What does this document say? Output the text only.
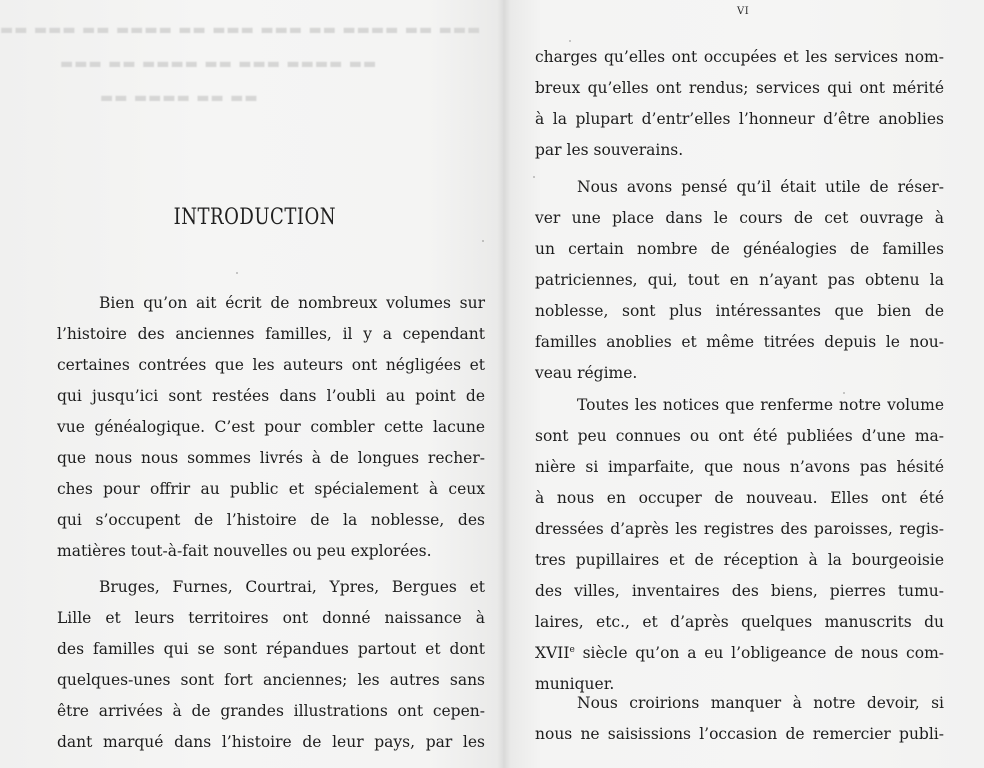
▬▬ ▬▬▬ ▬▬ ▬▬▬▬ ▬▬ ▬▬▬ ▬▬▬ ▬▬ ▬▬▬▬ ▬▬ ▬▬▬
▬▬▬ ▬▬ ▬▬▬▬ ▬▬ ▬▬▬ ▬▬▬▬ ▬▬
▬▬ ▬▬▬▬ ▬▬ ▬▬
INTRODUCTION
Bien qu’on ait écrit de nombreux volumes sur
l’histoire des anciennes familles, il y a cependant
certaines contrées que les auteurs ont négligées et
qui jusqu’ici sont restées dans l’oubli au point de
vue généalogique. C’est pour combler cette lacune
que nous nous sommes livrés à de longues recher-
ches pour offrir au public et spécialement à ceux
qui s’occupent de l’histoire de la noblesse, des
matières tout-à-fait nouvelles ou peu explorées.
Bruges, Furnes, Courtrai, Ypres, Bergues et
Lille et leurs territoires ont donné naissance à
des familles qui se sont répandues partout et dont
quelques-unes sont fort anciennes; les autres sans
être arrivées à de grandes illustrations ont cepen-
dant marqué dans l’histoire de leur pays, par les
VI
charges qu’elles ont occupées et les services nom-
breux qu’elles ont rendus; services qui ont mérité
à la plupart d’entr’elles l’honneur d’être anoblies
par les souverains.
Nous avons pensé qu’il était utile de réser-
ver une place dans le cours de cet ouvrage à
un certain nombre de généalogies de familles
patriciennes, qui, tout en n’ayant pas obtenu la
noblesse, sont plus intéressantes que bien de
familles anoblies et même titrées depuis le nou-
veau régime.
Toutes les notices que renferme notre volume
sont peu connues ou ont été publiées d’une ma-
nière si imparfaite, que nous n’avons pas hésité
à nous en occuper de nouveau. Elles ont été
dressées d’après les registres des paroisses, regis-
tres pupillaires et de réception à la bourgeoisie
des villes, inventaires des biens, pierres tumu-
laires, etc., et d’après quelques manuscrits du
XVIIe siècle qu’on a eu l’obligeance de nous com-
muniquer.
Nous croirions manquer à notre devoir, si
nous ne saisissions l’occasion de remercier publi-
